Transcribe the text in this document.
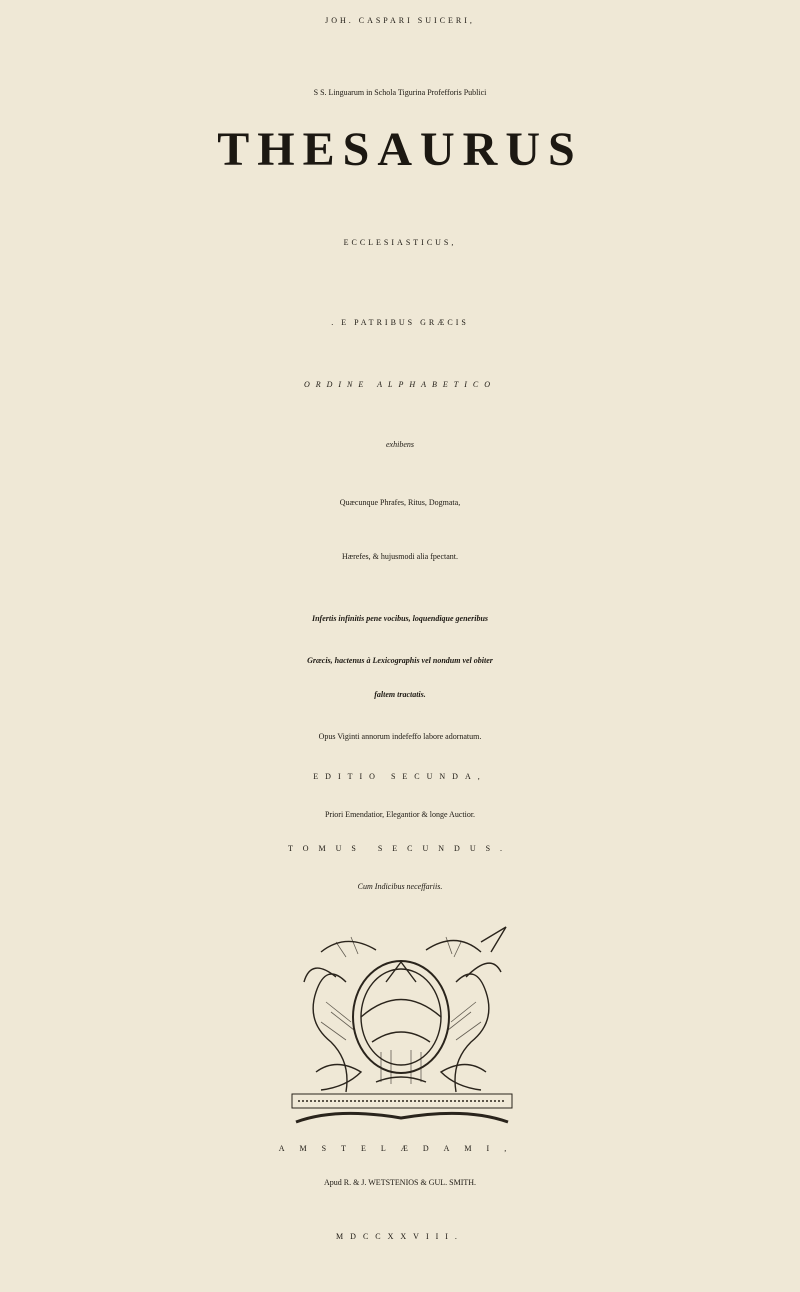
JOH. CASPARI SUICERI,
S S. Linguarum in Schola Tigurina Profefforis Publici
THESAURUS
ECCLESIASTICUS,
. E PATRIBUS GRÆCIS
ORDINE ALPHABETICO
exhibens
Quæcunque Phrafes, Ritus, Dogmata,
Hærefes, & hujusmodi alia fpectant.
Infertis infinitis pene vocibus, loquendique generibus
Græcis, hactenus à Lexicographis vel nondum vel obiter
faltem tractatis.
Opus Viginti annorum indefeffo labore adornatum.
EDITIO SECUNDA,
Priori Emendatior, Elegantior & longe Auctior.
TOMUS SECUNDUS.
Cum Indicibus neceffariis.
AMSTELÆDAMI,
Apud R. & J. WETSTENIOS & GUL. SMITH.
MDCCXXVIII.
